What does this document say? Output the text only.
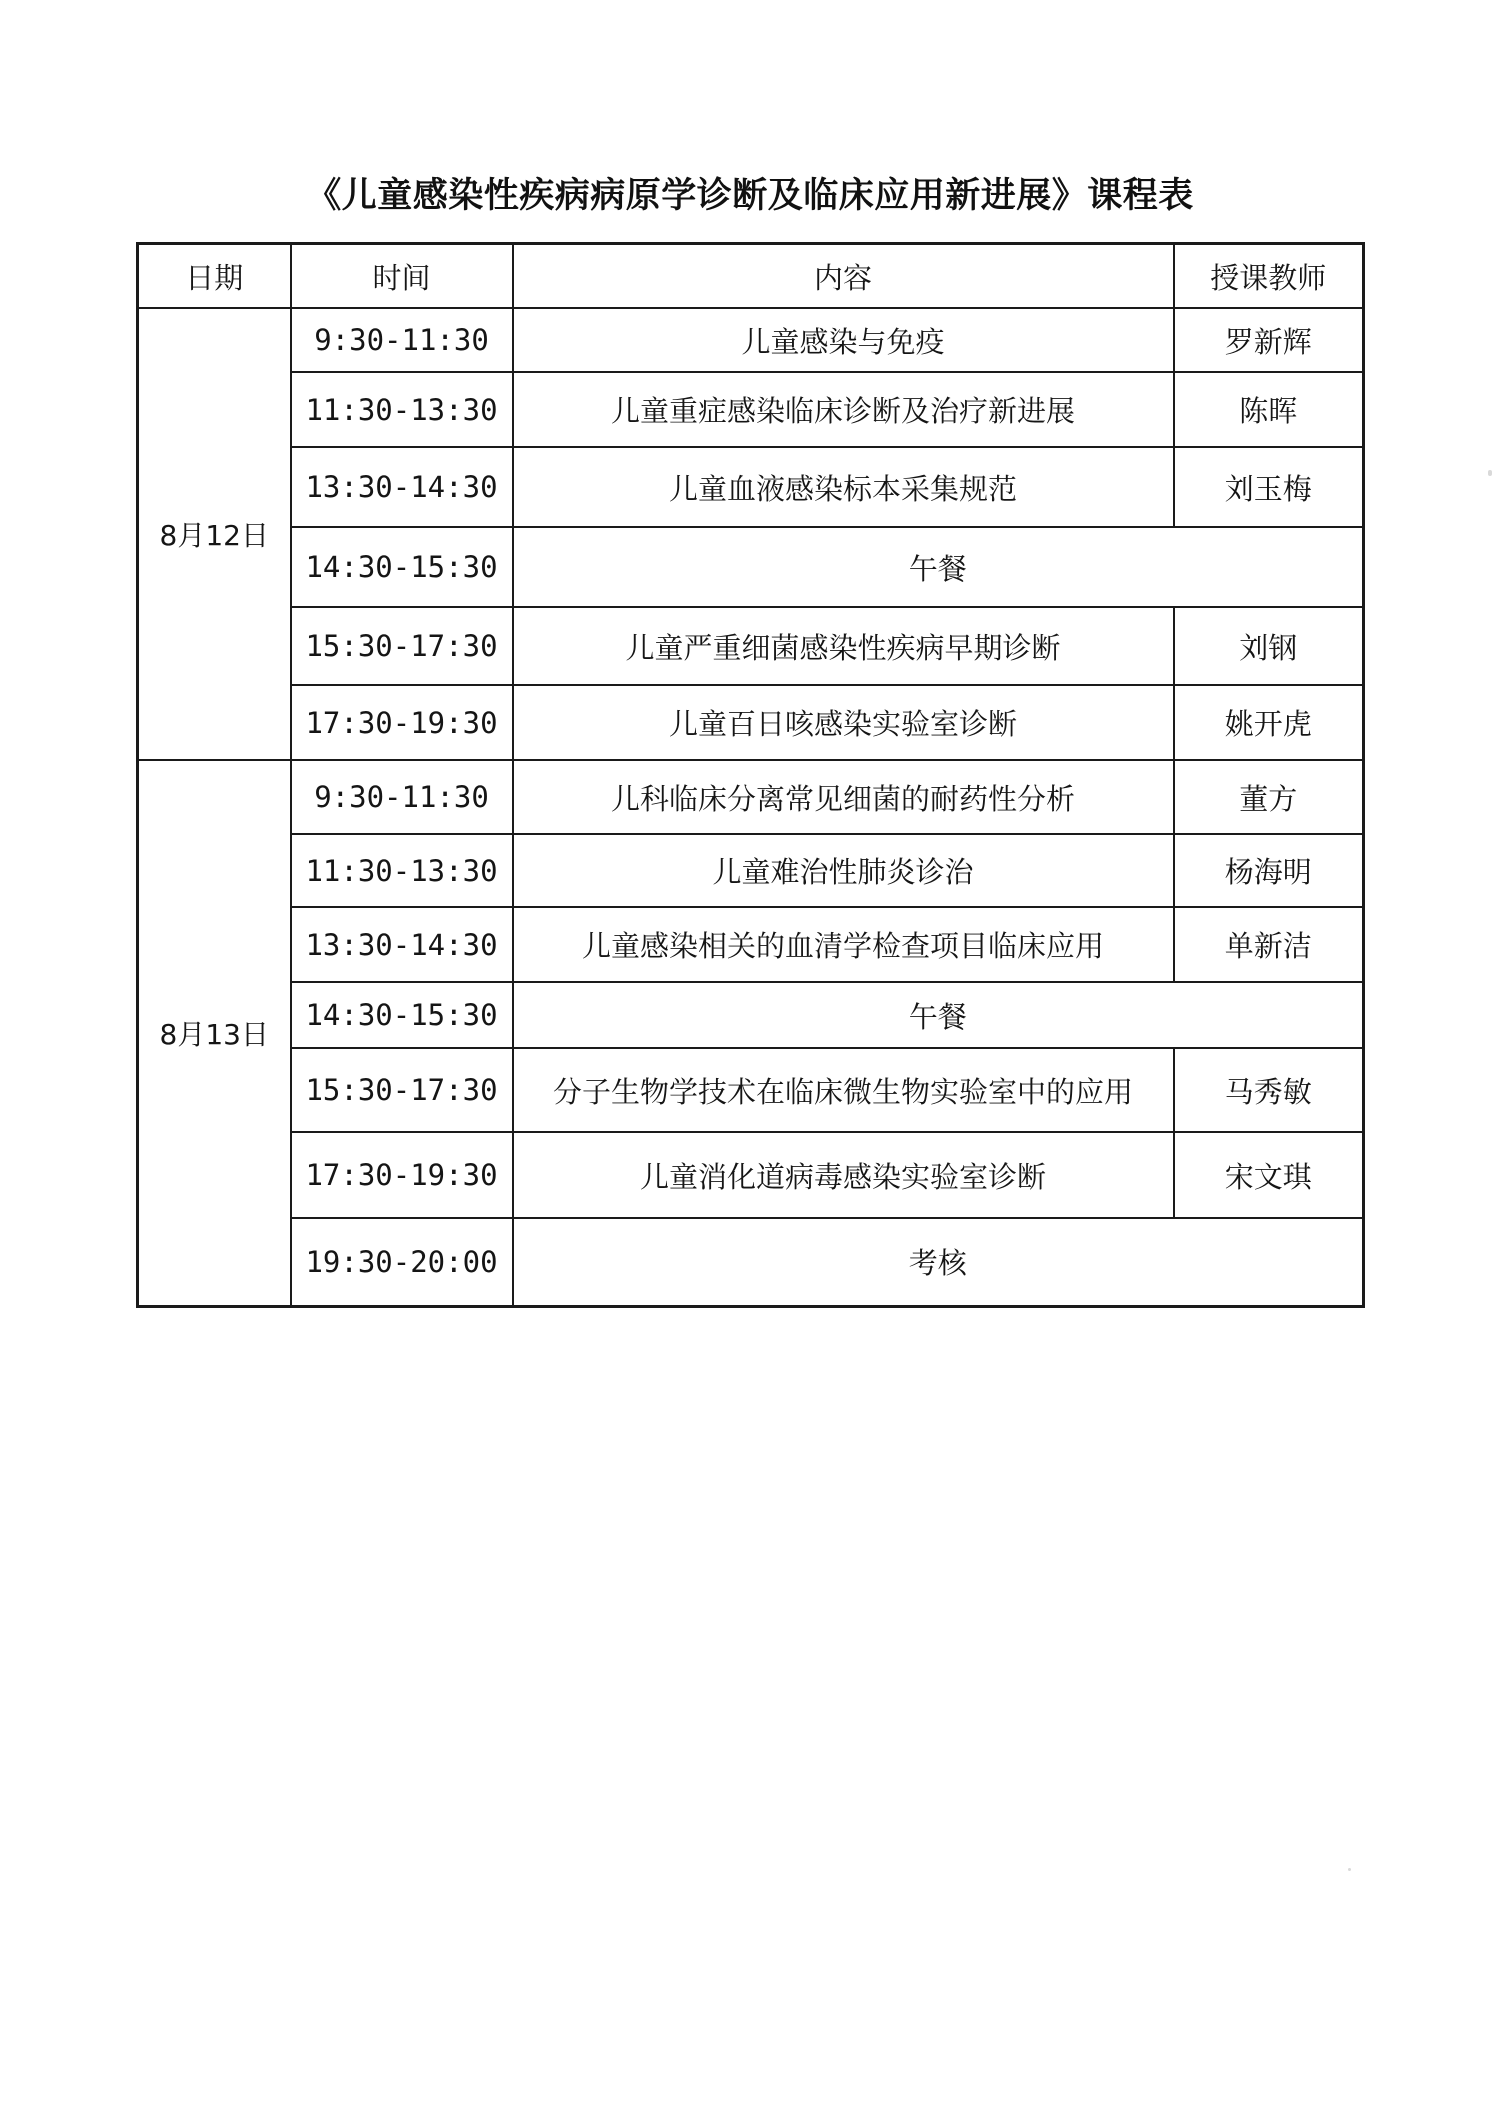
《儿童感染性疾病病原学诊断及临床应用新进展》课程表
日期	时间	内容	授课教师
8月12日	9:30-11:30	儿童感染与免疫	罗新辉
	11:30-13:30	儿童重症感染临床诊断及治疗新进展	陈晖
	13:30-14:30	儿童血液感染标本采集规范	刘玉梅
	14:30-15:30	午餐	
	15:30-17:30	儿童严重细菌感染性疾病早期诊断	刘钢
	17:30-19:30	儿童百日咳感染实验室诊断	姚开虎
8月13日	9:30-11:30	儿科临床分离常见细菌的耐药性分析	董方
	11:30-13:30	儿童难治性肺炎诊治	杨海明
	13:30-14:30	儿童感染相关的血清学检查项目临床应用	单新洁
	14:30-15:30	午餐	
	15:30-17:30	分子生物学技术在临床微生物实验室中的应用	马秀敏
	17:30-19:30	儿童消化道病毒感染实验室诊断	宋文琪
	19:30-20:00	考核	
